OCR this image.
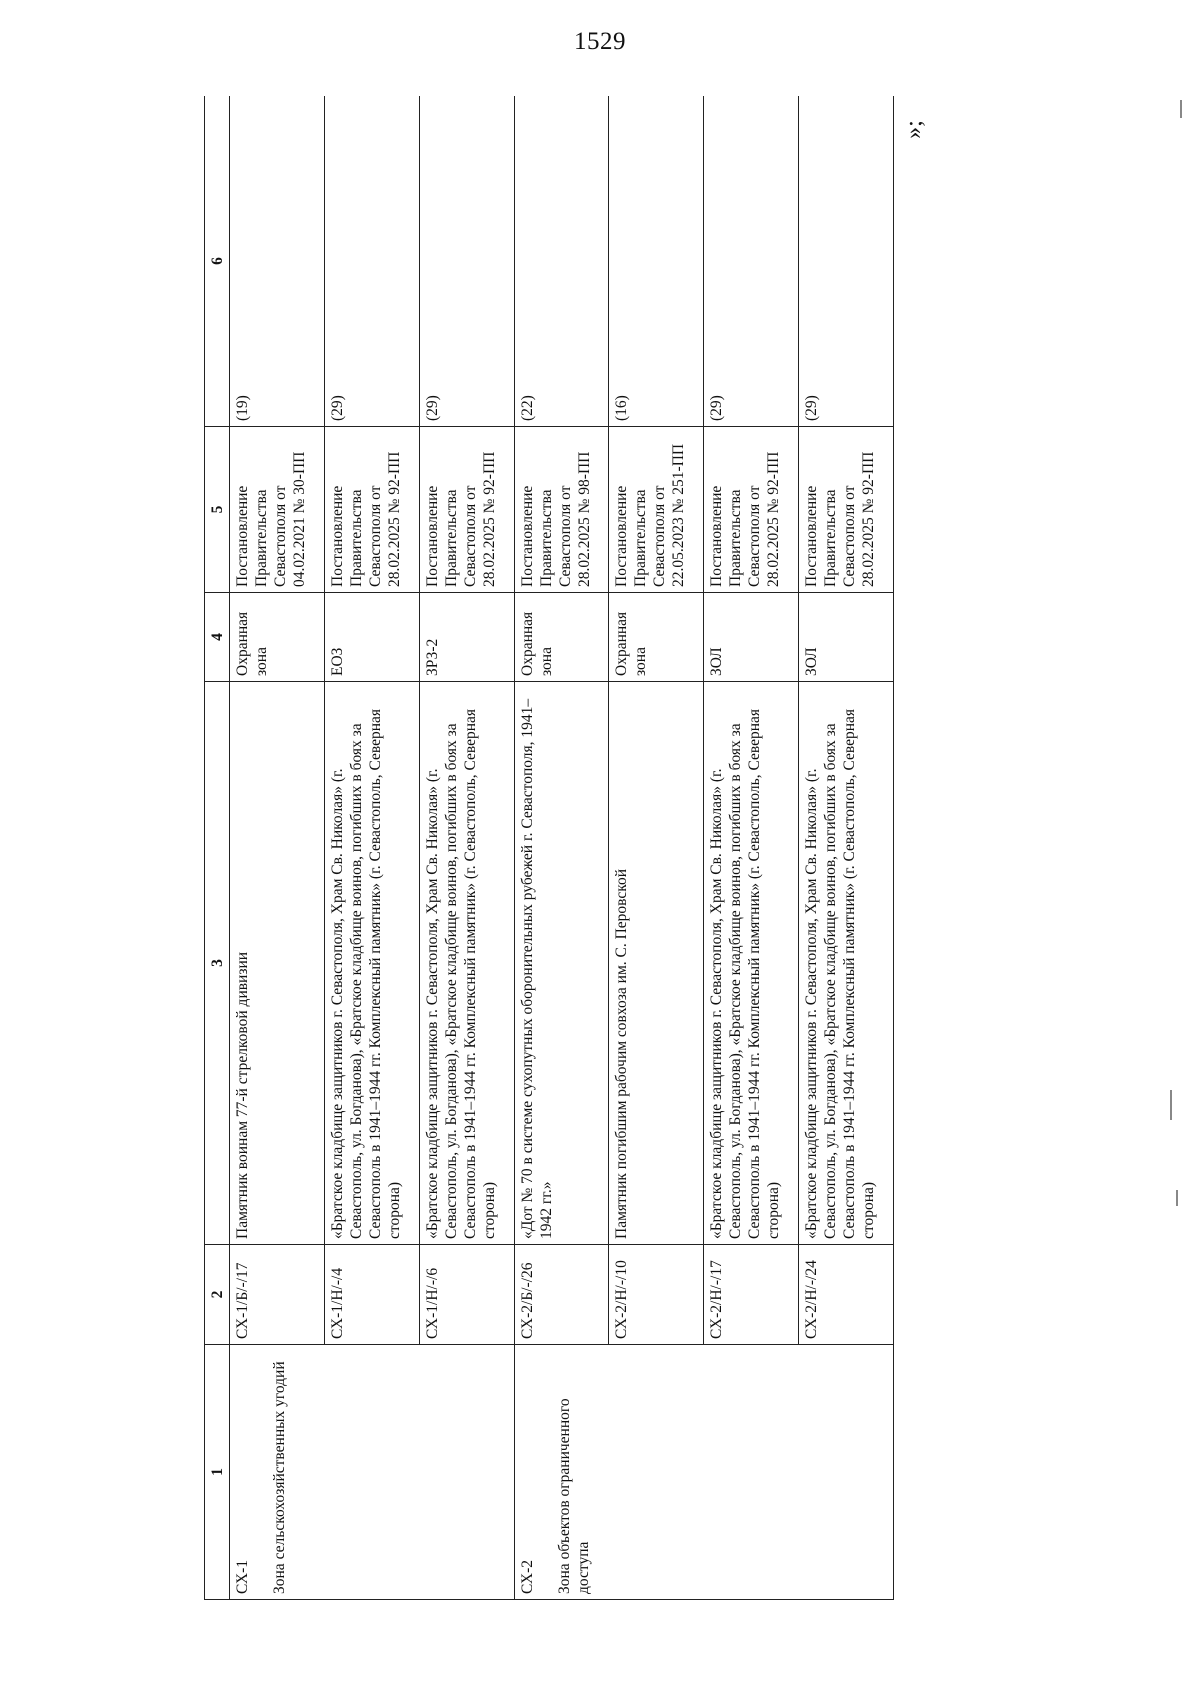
1529
1	2	3	4	5	6

СХ-1 Зона сельскохозяйственных угодий	СХ-1/Б/-/17	Памятник воинам 77-й стрелковой дивизии	Охранная зона	Постановление Правительства Севастополя от 04.02.2021 № 30-ПП	(19)
	СХ-1/Н/-/4	«Братское кладбище защитников г. Севастополя, Храм Св. Николая» (г. Севастополь, ул. Богданова), «Братское кладбище воинов, погибших в боях за Севастополь в 1941–1944 гг. Комплексный памятник» (г. Севастополь, Северная сторона)	ЕОЗ	Постановление Правительства Севастополя от 28.02.2025 № 92-ПП	(29)
	СХ-1/Н/-/6	«Братское кладбище защитников г. Севастополя, Храм Св. Николая» (г. Севастополь, ул. Богданова), «Братское кладбище воинов, погибших в боях за Севастополь в 1941–1944 гг. Комплексный памятник» (г. Севастополь, Северная сторона)	ЗРЗ-2	Постановление Правительства Севастополя от 28.02.2025 № 92-ПП	(29)

СХ-2 Зона объектов ограниченного доступа	СХ-2/Б/-/26	«Дот № 70 в системе сухопутных оборонительных рубежей г. Севастополя, 1941–1942 гг.»	Охранная зона	Постановление Правительства Севастополя от 28.02.2025 № 98-ПП	(22)
	СХ-2/Н/-/10	Памятник погибшим рабочим совхоза им. С. Перовской	Охранная зона	Постановление Правительства Севастополя от 22.05.2023 № 251-ПП	(16)
	СХ-2/Н/-/17	«Братское кладбище защитников г. Севастополя, Храм Св. Николая» (г. Севастополь, ул. Богданова), «Братское кладбище воинов, погибших в боях за Севастополь в 1941–1944 гг. Комплексный памятник» (г. Севастополь, Северная сторона)	ЗОЛ	Постановление Правительства Севастополя от 28.02.2025 № 92-ПП	(29)
	СХ-2/Н/-/24	«Братское кладбище защитников г. Севастополя, Храм Св. Николая» (г. Севастополь, ул. Богданова), «Братское кладбище воинов, погибших в боях за Севастополь в 1941–1944 гг. Комплексный памятник» (г. Севастополь, Северная сторона)	ЗОЛ	Постановление Правительства Севастополя от 28.02.2025 № 92-ПП	(29)
»;
